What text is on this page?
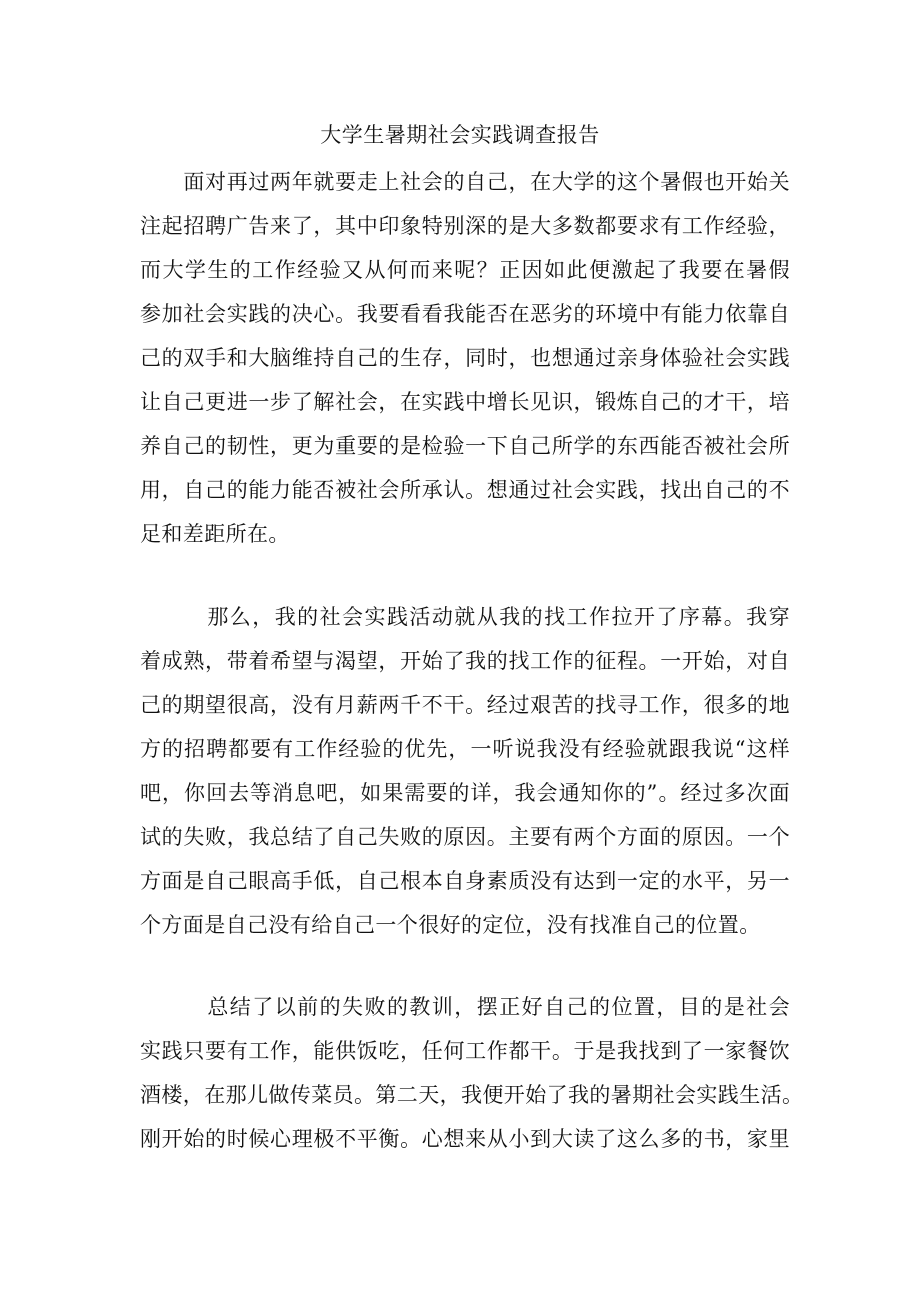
大学生暑期社会实践调查报告
　　面对再过两年就要走上社会的自己，在大学的这个暑假也开始关
注起招聘广告来了，其中印象特别深的是大多数都要求有工作经验，
而大学生的工作经验又从何而来呢？正因如此便激起了我要在暑假
参加社会实践的决心。我要看看我能否在恶劣的环境中有能力依靠自
己的双手和大脑维持自己的生存，同时，也想通过亲身体验社会实践
让自己更进一步了解社会，在实践中增长见识，锻炼自己的才干，培
养自己的韧性，更为重要的是检验一下自己所学的东西能否被社会所
用，自己的能力能否被社会所承认。想通过社会实践，找出自己的不
足和差距所在。
　　　那么，我的社会实践活动就从我的找工作拉开了序幕。我穿
着成熟，带着希望与渴望，开始了我的找工作的征程。一开始，对自
己的期望很高，没有月薪两千不干。经过艰苦的找寻工作，很多的地
方的招聘都要有工作经验的优先，一听说我没有经验就跟我说“这样
吧，你回去等消息吧，如果需要的详，我会通知你的”。经过多次面
试的失败，我总结了自己失败的原因。主要有两个方面的原因。一个
方面是自己眼高手低，自己根本自身素质没有达到一定的水平，另一
个方面是自己没有给自己一个很好的定位，没有找准自己的位置。
　　　总结了以前的失败的教训，摆正好自己的位置，目的是社会
实践只要有工作，能供饭吃，任何工作都干。于是我找到了一家餐饮
酒楼，在那儿做传菜员。第二天，我便开始了我的暑期社会实践生活。
刚开始的时候心理极不平衡。心想来从小到大读了这么多的书，家里
